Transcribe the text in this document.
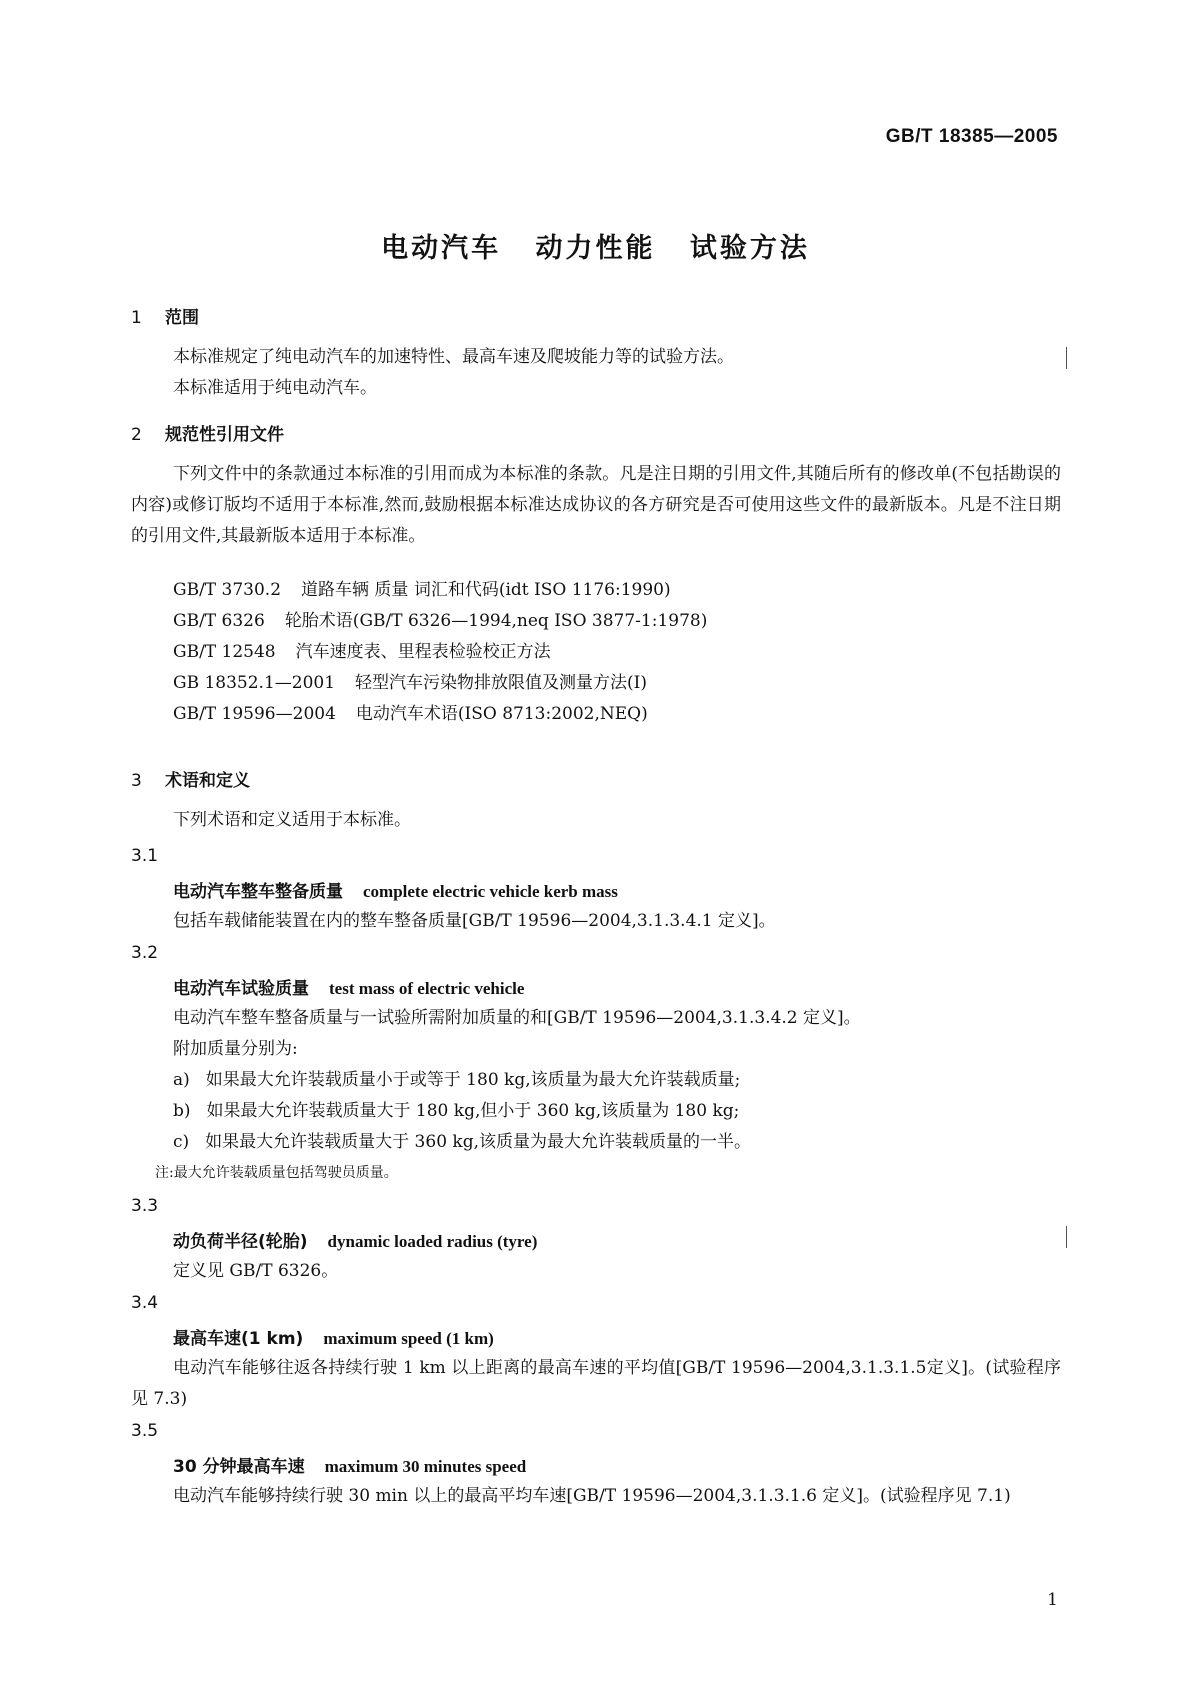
GB/T 18385—2005
电动汽车 动力性能 试验方法
1 范围
本标准规定了纯电动汽车的加速特性、最高车速及爬坡能力等的试验方法。
本标准适用于纯电动汽车。
2 规范性引用文件
下列文件中的条款通过本标准的引用而成为本标准的条款。凡是注日期的引用文件,其随后所有的修改单(不包括勘误的内容)或修订版均不适用于本标准,然而,鼓励根据本标准达成协议的各方研究是否可使用这些文件的最新版本。凡是不注日期的引用文件,其最新版本适用于本标准。
GB/T 3730.2 道路车辆 质量 词汇和代码(idt ISO 1176:1990)
GB/T 6326 轮胎术语(GB/T 6326—1994,neq ISO 3877-1:1978)
GB/T 12548 汽车速度表、里程表检验校正方法
GB 18352.1—2001 轻型汽车污染物排放限值及测量方法(Ⅰ)
GB/T 19596—2004 电动汽车术语(ISO 8713:2002,NEQ)
3 术语和定义
下列术语和定义适用于本标准。
3.1
电动汽车整车整备质量 complete electric vehicle kerb mass
包括车载储能装置在内的整车整备质量[GB/T 19596—2004,3.1.3.4.1 定义]。
3.2
电动汽车试验质量 test mass of electric vehicle
电动汽车整车整备质量与一试验所需附加质量的和[GB/T 19596—2004,3.1.3.4.2 定义]。
附加质量分别为:
a) 如果最大允许装载质量小于或等于 180 kg,该质量为最大允许装载质量;
b) 如果最大允许装载质量大于 180 kg,但小于 360 kg,该质量为 180 kg;
c) 如果最大允许装载质量大于 360 kg,该质量为最大允许装载质量的一半。
注:最大允许装载质量包括驾驶员质量。
3.3
动负荷半径(轮胎) dynamic loaded radius (tyre)
定义见 GB/T 6326。
3.4
最高车速(1 km) maximum speed (1 km)
电动汽车能够往返各持续行驶 1 km 以上距离的最高车速的平均值[GB/T 19596—2004,3.1.3.1.5定义]。(试验程序见 7.3)
3.5
30 分钟最高车速 maximum 30 minutes speed
电动汽车能够持续行驶 30 min 以上的最高平均车速[GB/T 19596—2004,3.1.3.1.6 定义]。(试验程序见 7.1)
1
